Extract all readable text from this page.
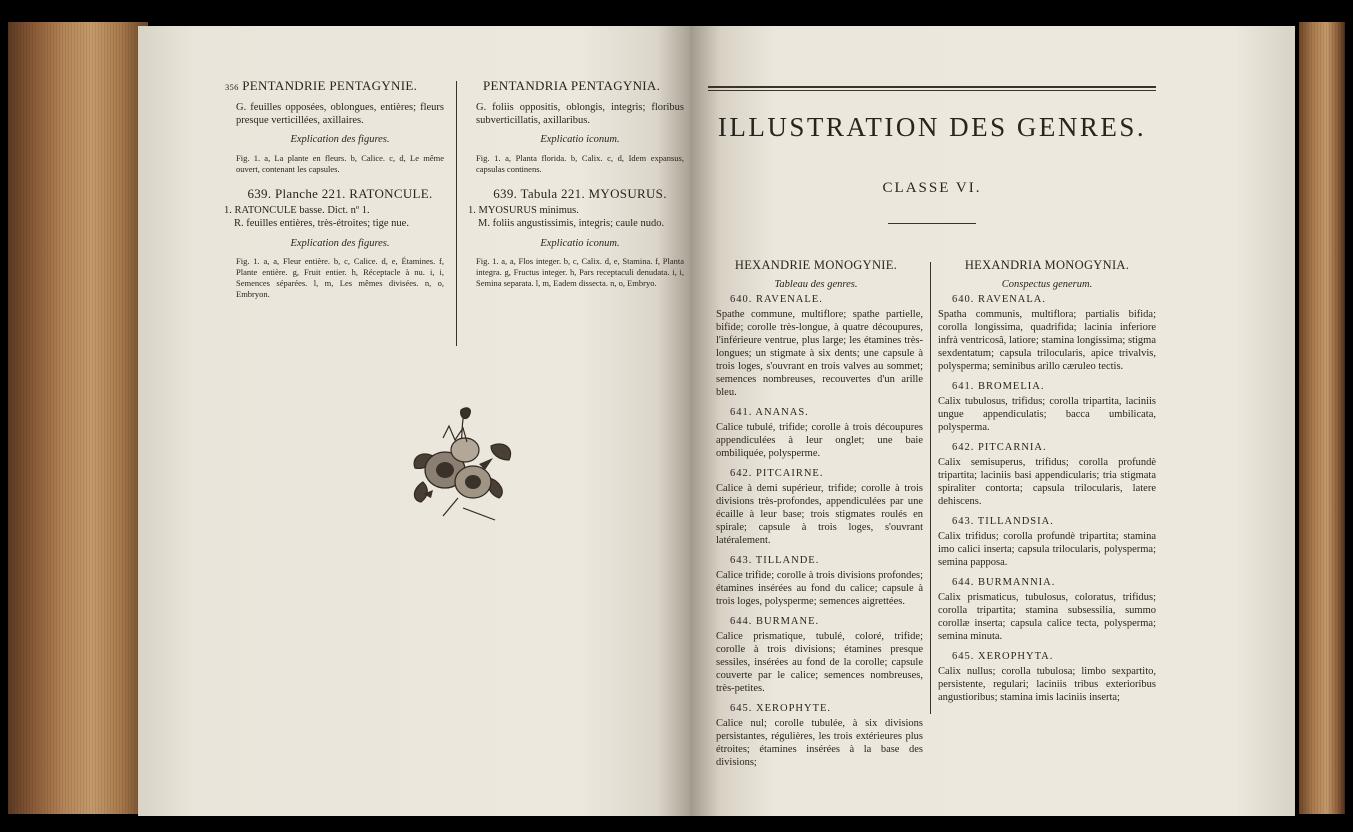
356 PENTANDRIE PENTAGYNIE.	PENTANDRIA PENTAGYNIA.
G. feuilles opposées, oblongues, entières; fleurs presque verticillées, axillaires.
G. foliis oppositis, oblongis, integris; floribus subverticillatis, axillaribus.
Explication des figures.	Explicatio iconum.
Fig. 1. a, La plante en fleurs. b, Calice. c, d, Le même ouvert, contenant les capsules.
Fig. 1. a, Planta florida. b, Calix. c, d, Idem expansus, capsulas continens.
639. Planche 221. RATONCULE.	639. Tabula 221. MYOSURUS.
1. RATONCULE basse. Dict. nº 1.	1. MYOSURUS minimus.
R. feuilles entières, très-étroites; tige nue.	M. foliis angustissimis, integris; caule nudo.
Explication des figures.	Explicatio iconum.
Fig. 1. a, a, Fleur entière. b, c, Calice. d, e, Étamines. f, Plante entière. g, Fruit entier. h, Réceptacle à nu. i, i, Semences séparées. l, m, Les mêmes divisées. n, o, Embryon.
Fig. 1. a, a, Flos integer. b, c, Calix. d, e, Stamina. f, Planta integra. g, Fructus integer. h, Pars receptaculi denudata. i, i, Semina separata. l, m, Eadem dissecta. n, o, Embryo.
ILLUSTRATION DES GENRES.
CLASSE VI.
HEXANDRIE MONOGYNIE.
Tableau des genres.
640. RAVENALE.
Spathe commune, multiflore; spathe partielle, bifide; corolle très-longue, à quatre découpures, l'inférieure ventrue, plus large; les étamines très-longues; un stigmate à six dents; une capsule à trois loges, s'ouvrant en trois valves au sommet; semences nombreuses, recouvertes d'un arille bleu.
641. ANANAS.
Calice tubulé, trifide; corolle à trois découpures appendiculées à leur onglet; une baie ombiliquée, polysperme.
642. PITCAIRNE.
Calice à demi supérieur, trifide; corolle à trois divisions très-profondes, appendiculées par une écaille à leur base; trois stigmates roulés en spirale; capsule à trois loges, s'ouvrant latéralement.
643. TILLANDE.
Calice trifide; corolle à trois divisions profondes; étamines insérées au fond du calice; capsule à trois loges, polysperme; semences aigrettées.
644. BURMANE.
Calice prismatique, tubulé, coloré, trifide; corolle à trois divisions; étamines presque sessiles, insérées au fond de la corolle; capsule couverte par le calice; semences nombreuses, très-petites.
645. XEROPHYTE.
Calice nul; corolle tubulée, à six divisions persistantes, régulières, les trois extérieures plus étroites; étamines insérées à la base des divisions;
HEXANDRIA MONOGYNIA.
Conspectus generum.
640. RAVENALA.
Spatha communis, multiflora; partialis bifida; corolla longissima, quadrifida; lacinia inferiore infrà ventricosâ, latiore; stamina longissima; stigma sexdentatum; capsula trilocularis, apice trivalvis, polysperma; seminibus arillo cæruleo tectis.
641. BROMELIA.
Calix tubulosus, trifidus; corolla tripartita, laciniis ungue appendiculatis; bacca umbilicata, polysperma.
642. PITCARNIA.
Calix semisuperus, trifidus; corolla profundè tripartita; laciniis basi appendicularis; tria stigmata spiraliter contorta; capsula trilocularis, latere dehiscens.
643. TILLANDSIA.
Calix trifidus; corolla profundè tripartita; stamina imo calici inserta; capsula trilocularis, polysperma; semina papposa.
644. BURMANNIA.
Calix prismaticus, tubulosus, coloratus, trifidus; corolla tripartita; stamina subsessilia, summo corollæ inserta; capsula calice tecta, polysperma; semina minuta.
645. XEROPHYTA.
Calix nullus; corolla tubulosa; limbo sexpartito, persistente, regulari; laciniis tribus exterioribus angustioribus; stamina imis laciniis inserta;
